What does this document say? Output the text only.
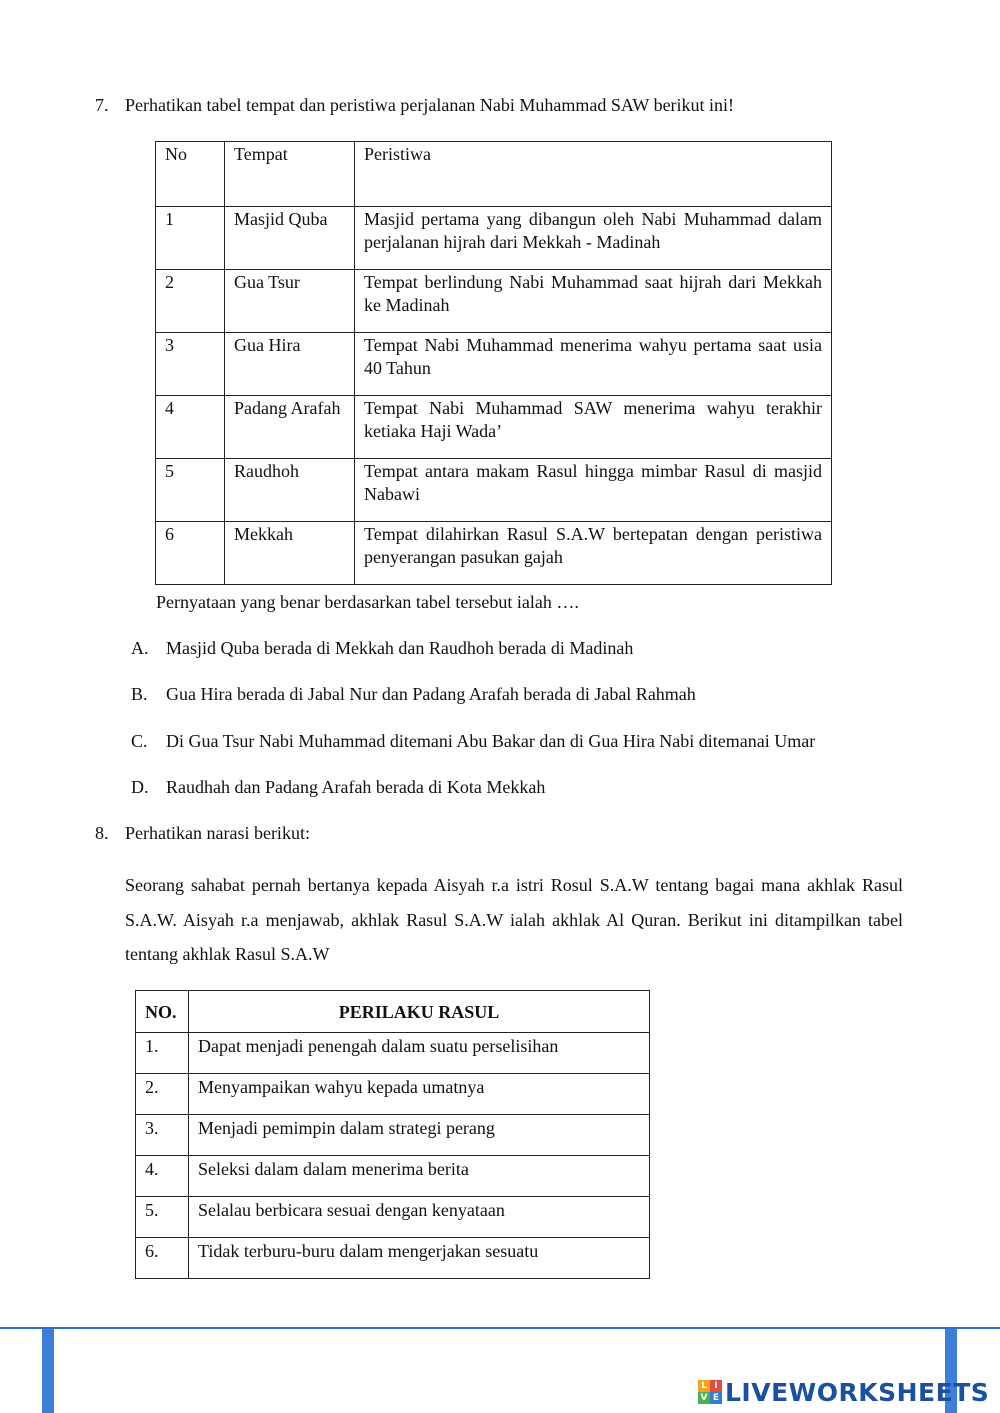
7. Perhatikan tabel tempat dan peristiwa perjalanan Nabi Muhammad SAW berikut ini!
No	Tempat	Peristiwa
1	Masjid Quba	Masjid pertama yang dibangun oleh Nabi Muhammad dalam perjalanan hijrah dari Mekkah - Madinah
2	Gua Tsur	Tempat berlindung Nabi Muhammad saat hijrah dari Mekkah ke Madinah
3	Gua Hira	Tempat Nabi Muhammad menerima wahyu pertama saat usia 40 Tahun
4	Padang Arafah	Tempat Nabi Muhammad SAW menerima wahyu terakhir ketiaka Haji Wada’
5	Raudhoh	Tempat antara makam Rasul hingga mimbar Rasul di masjid Nabawi
6	Mekkah	Tempat dilahirkan Rasul S.A.W bertepatan dengan peristiwa penyerangan pasukan gajah
Pernyataan yang benar berdasarkan tabel tersebut ialah ….
A. Masjid Quba berada di Mekkah dan Raudhoh berada di Madinah
B. Gua Hira berada di Jabal Nur dan Padang Arafah berada di Jabal Rahmah
C. Di Gua Tsur Nabi Muhammad ditemani Abu Bakar dan di Gua Hira Nabi ditemanai Umar
D. Raudhah dan Padang Arafah berada di Kota Mekkah
8. Perhatikan narasi berikut:
Seorang sahabat pernah bertanya kepada Aisyah r.a istri Rosul S.A.W tentang bagai mana akhlak Rasul S.A.W. Aisyah r.a menjawab, akhlak Rasul S.A.W ialah akhlak Al Quran. Berikut ini ditampilkan tabel tentang akhlak Rasul S.A.W
NO.	PERILAKU RASUL
1.	Dapat menjadi penengah dalam suatu perselisihan
2.	Menyampaikan wahyu kepada umatnya
3.	Menjadi pemimpin dalam strategi perang
4.	Seleksi dalam dalam menerima berita
5.	Selalau berbicara sesuai dengan kenyataan
6.	Tidak terburu-buru dalam mengerjakan sesuatu
L I
V E LIVEWORKSHEETS
